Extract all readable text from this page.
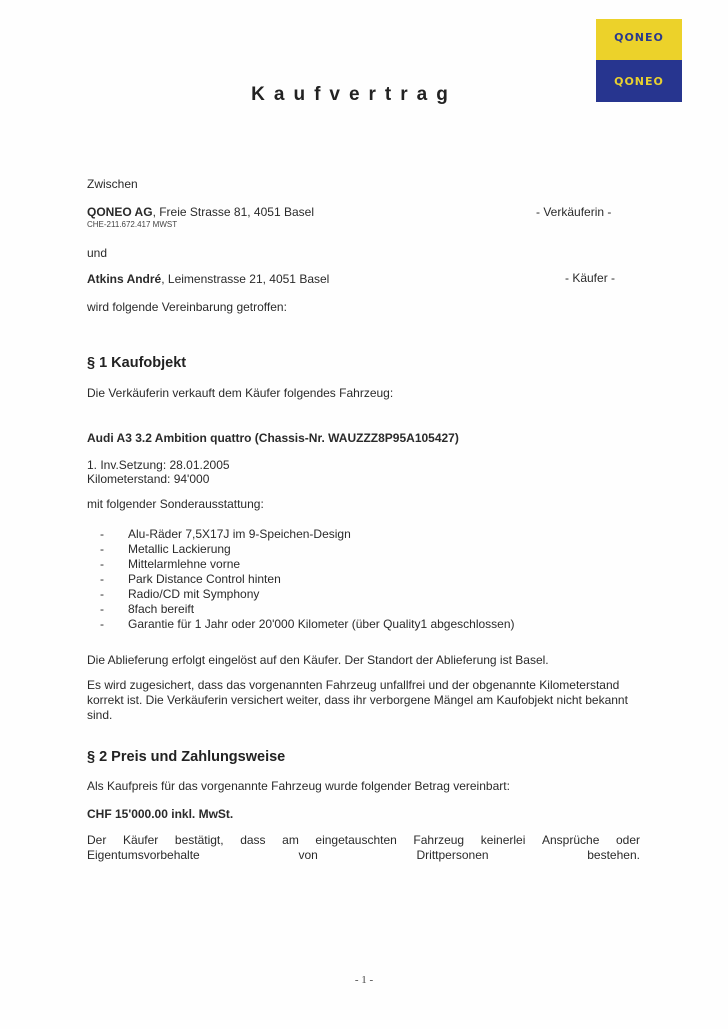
QONEO
QONEO
Kaufvertrag
Zwischen
QONEO AG, Freie Strasse 81, 4051 Basel
CHE-211.672.417 MWST
- Verkäuferin -
und
Atkins André, Leimenstrasse 21, 4051 Basel	- Käufer -
wird folgende Vereinbarung getroffen:
§ 1 Kaufobjekt
Die Verkäuferin verkauft dem Käufer folgendes Fahrzeug:
Audi A3 3.2 Ambition quattro (Chassis-Nr. WAUZZZ8P95A105427)
1. Inv.Setzung: 28.01.2005
Kilometerstand: 94'000
mit folgender Sonderausstattung:
-	Alu-Räder 7,5X17J im 9-Speichen-Design
-	Metallic Lackierung
-	Mittelarmlehne vorne
-	Park Distance Control hinten
-	Radio/CD mit Symphony
-	8fach bereift
-	Garantie für 1 Jahr oder 20'000 Kilometer (über Quality1 abgeschlossen)
Die Ablieferung erfolgt eingelöst auf den Käufer. Der Standort der Ablieferung ist Basel.
Es wird zugesichert, dass das vorgenannten Fahrzeug unfallfrei und der obgenannte Kilometerstand
korrekt ist. Die Verkäuferin versichert weiter, dass ihr verborgene Mängel am Kaufobjekt nicht bekannt
sind.
§ 2 Preis und Zahlungsweise
Als Kaufpreis für das vorgenannte Fahrzeug wurde folgender Betrag vereinbart:
CHF 15'000.00 inkl. MwSt.
Der Käufer bestätigt, dass am eingetauschten Fahrzeug keinerlei Ansprüche oder
Eigentumsvorbehalte	von	Drittpersonen	bestehen.
- 1 -
